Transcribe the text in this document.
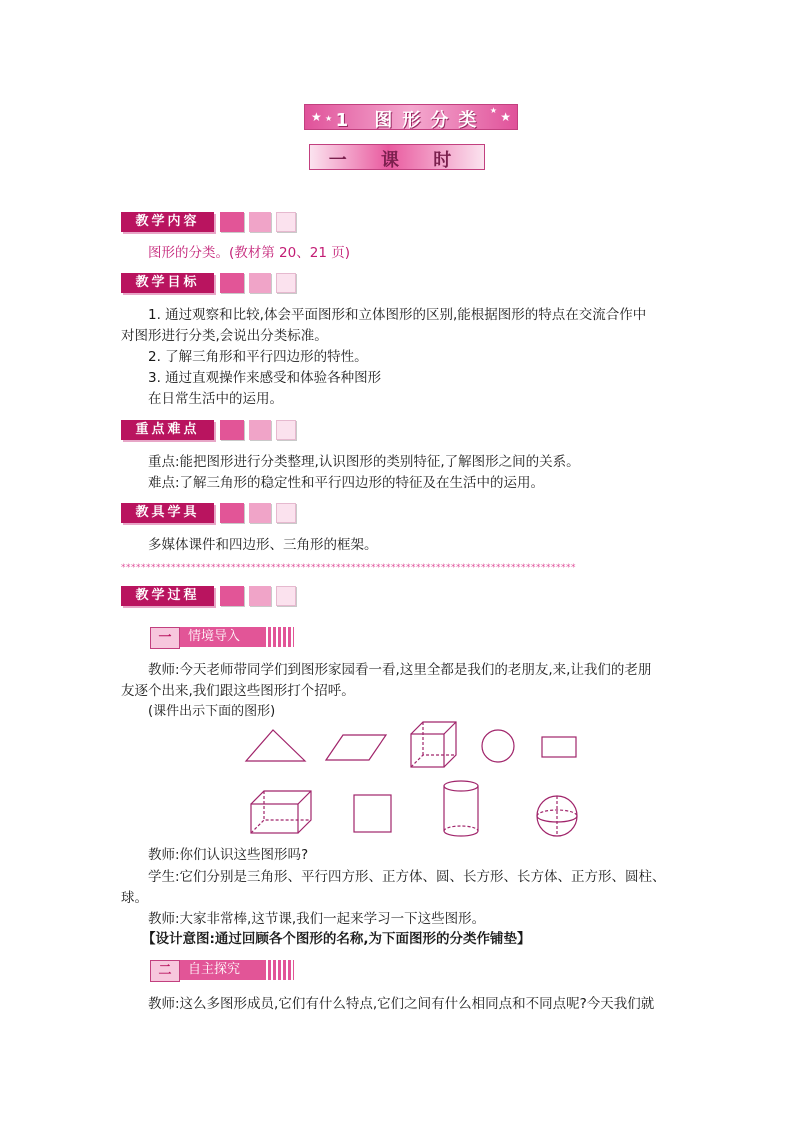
★ ★	★
★
1 图形分类
一 课 时
教学内容
图形的分类。(教材第 20、21 页)
教学目标
1. 通过观察和比较,体会平面图形和立体图形的区别,能根据图形的特点在交流合作中
对图形进行分类,会说出分类标准。
2. 了解三角形和平行四边形的特性。
3. 通过直观操作来感受和体验各种图形
在日常生活中的运用。
重点难点
重点:能把图形进行分类整理,认识图形的类别特征,了解图形之间的关系。
难点:了解三角形的稳定性和平行四边形的特征及在生活中的运用。
教具学具
多媒体课件和四边形、三角形的框架。
*******************************************************************************************
教学过程
一	情境导入
教师:今天老师带同学们到图形家园看一看,这里全都是我们的老朋友,来,让我们的老朋
友逐个出来,我们跟这些图形打个招呼。
(课件出示下面的图形)
教师:你们认识这些图形吗?
学生:它们分别是三角形、平行四方形、正方体、圆、长方形、长方体、正方形、圆柱、
球。
教师:大家非常棒,这节课,我们一起来学习一下这些图形。
【设计意图:通过回顾各个图形的名称,为下面图形的分类作铺垫】
二	自主探究
教师:这么多图形成员,它们有什么特点,它们之间有什么相同点和不同点呢?今天我们就
